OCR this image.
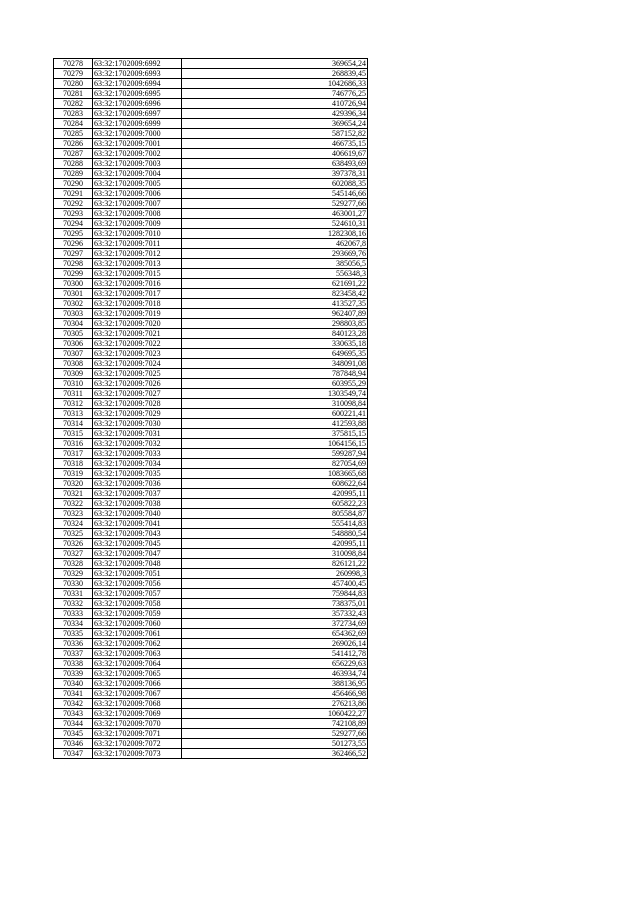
70278	63:32:1702009:6992	369654,24
70279	63:32:1702009:6993	268839,45
70280	63:32:1702009:6994	1042686,33
70281	63:32:1702009:6995	746776,25
70282	63:32:1702009:6996	410726,94
70283	63:32:1702009:6997	429396,34
70284	63:32:1702009:6999	369654,24
70285	63:32:1702009:7000	587152,82
70286	63:32:1702009:7001	466735,15
70287	63:32:1702009:7002	406619,67
70288	63:32:1702009:7003	638493,69
70289	63:32:1702009:7004	397378,31
70290	63:32:1702009:7005	602088,35
70291	63:32:1702009:7006	545146,66
70292	63:32:1702009:7007	529277,66
70293	63:32:1702009:7008	463001,27
70294	63:32:1702009:7009	524610,31
70295	63:32:1702009:7010	1282308,16
70296	63:32:1702009:7011	462067,8
70297	63:32:1702009:7012	293669,76
70298	63:32:1702009:7013	385056,5
70299	63:32:1702009:7015	556348,3
70300	63:32:1702009:7016	621691,22
70301	63:32:1702009:7017	823458,42
70302	63:32:1702009:7018	413527,35
70303	63:32:1702009:7019	962407,89
70304	63:32:1702009:7020	298803,85
70305	63:32:1702009:7021	840123,28
70306	63:32:1702009:7022	330635,18
70307	63:32:1702009:7023	649695,35
70308	63:32:1702009:7024	348091,08
70309	63:32:1702009:7025	787848,94
70310	63:32:1702009:7026	603955,29
70311	63:32:1702009:7027	1303549,74
70312	63:32:1702009:7028	310098,84
70313	63:32:1702009:7029	600221,41
70314	63:32:1702009:7030	412593,88
70315	63:32:1702009:7031	375815,15
70316	63:32:1702009:7032	1064156,15
70317	63:32:1702009:7033	599287,94
70318	63:32:1702009:7034	827054,69
70319	63:32:1702009:7035	1083665,68
70320	63:32:1702009:7036	608622,64
70321	63:32:1702009:7037	420995,11
70322	63:32:1702009:7038	605822,23
70323	63:32:1702009:7040	805584,87
70324	63:32:1702009:7041	555414,83
70325	63:32:1702009:7043	548880,54
70326	63:32:1702009:7045	420995,11
70327	63:32:1702009:7047	310098,84
70328	63:32:1702009:7048	826121,22
70329	63:32:1702009:7051	260998,3
70330	63:32:1702009:7056	457400,45
70331	63:32:1702009:7057	759844,83
70332	63:32:1702009:7058	738375,01
70333	63:32:1702009:7059	357332,43
70334	63:32:1702009:7060	372734,69
70335	63:32:1702009:7061	654362,69
70336	63:32:1702009:7062	269026,14
70337	63:32:1702009:7063	541412,78
70338	63:32:1702009:7064	656229,63
70339	63:32:1702009:7065	463934,74
70340	63:32:1702009:7066	388136,95
70341	63:32:1702009:7067	456466,98
70342	63:32:1702009:7068	276213,86
70343	63:32:1702009:7069	1060422,27
70344	63:32:1702009:7070	742108,89
70345	63:32:1702009:7071	529277,66
70346	63:32:1702009:7072	501273,55
70347	63:32:1702009:7073	362466,52
